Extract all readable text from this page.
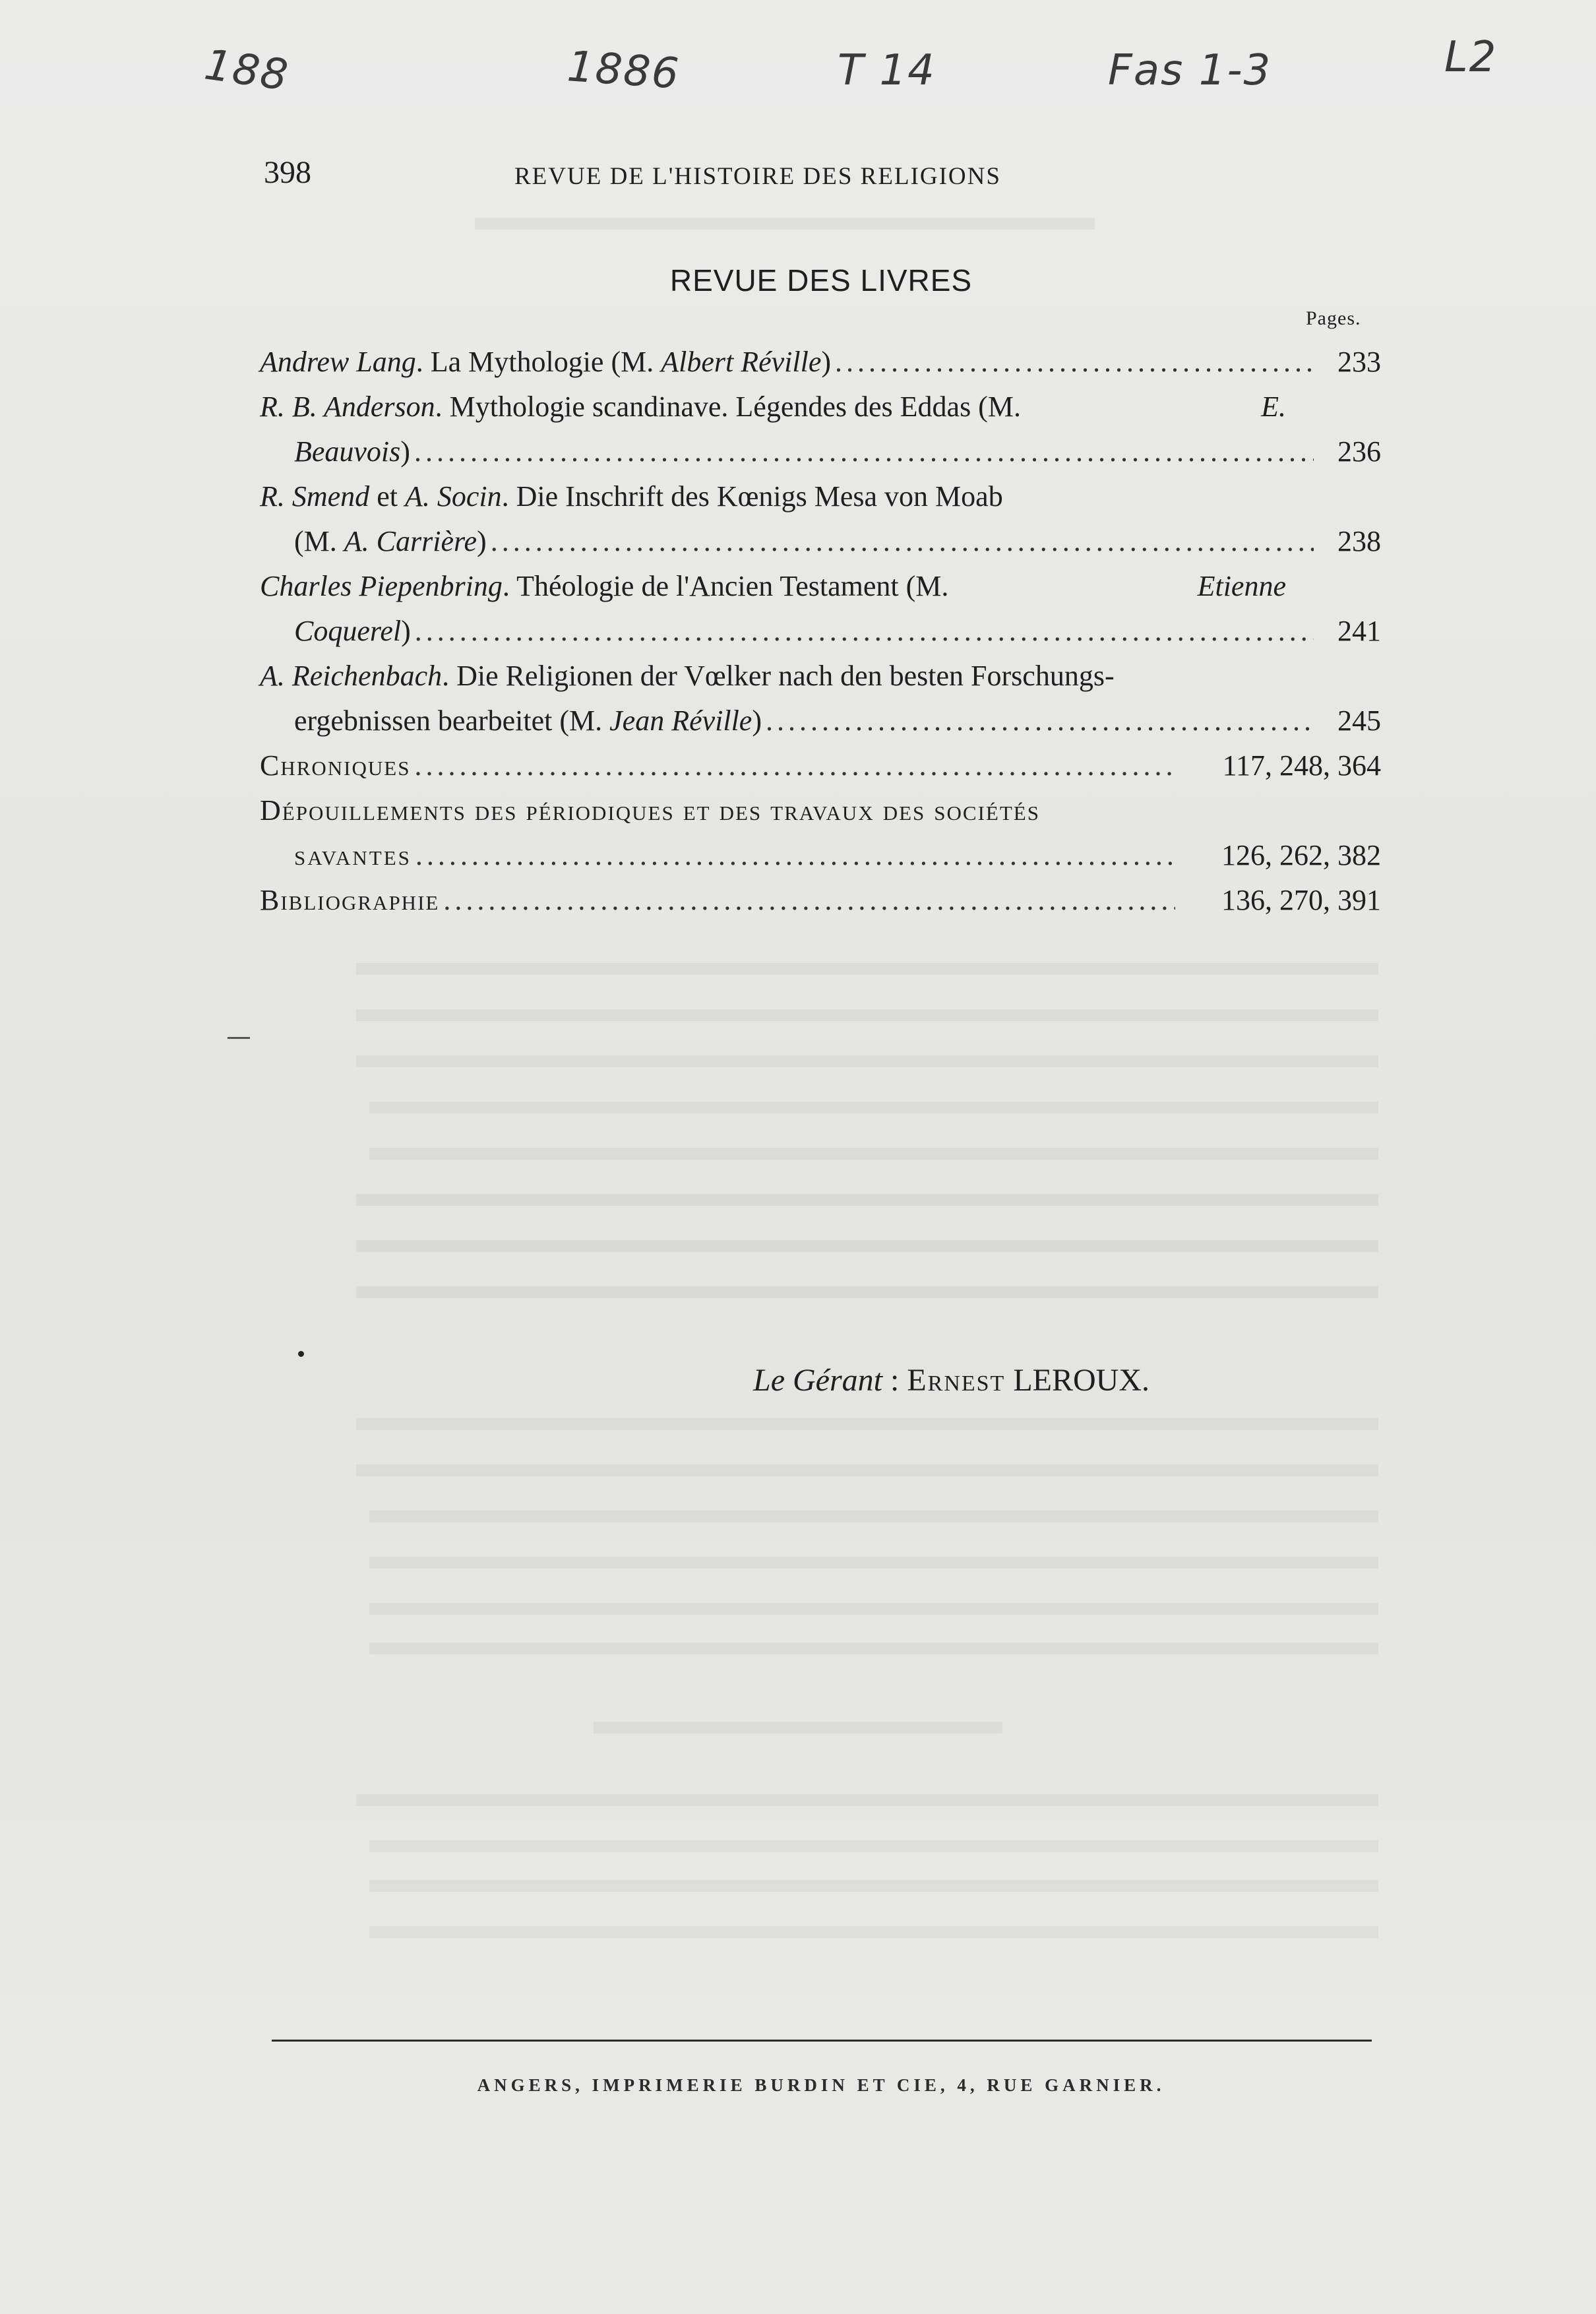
188	1886	T 14	Fas 1-3	L2
398	REVUE DE L'HISTOIRE DES RELIGIONS
REVUE DES LIVRES
Pages.
Andrew Lang. La Mythologie (M. Albert Réville) .....	233
R. B. Anderson. Mythologie scandinave. Légendes des Eddas (M.	E.
Beauvois) .....	236
R. Smend et A. Socin. Die Inschrift des Kœnigs Mesa von Moab
(M. A. Carrière) .....	238
Charles Piepenbring. Théologie de l'Ancien Testament (M.	Etienne
Coquerel) .....	241
A. Reichenbach. Die Religionen der Vœlker nach den besten Forschungs-
ergebnissen bearbeitet (M. Jean Réville) .....	245
Chroniques .....	117, 248, 364
Dépouillements des périodiques et des travaux des sociétés
SAVANTES .....	126, 262, 382
Bibliographie .....	136, 270, 391
Le Gérant : Ernest LEROUX.
ANGERS, IMPRIMERIE BURDIN ET CIE, 4, RUE GARNIER.
